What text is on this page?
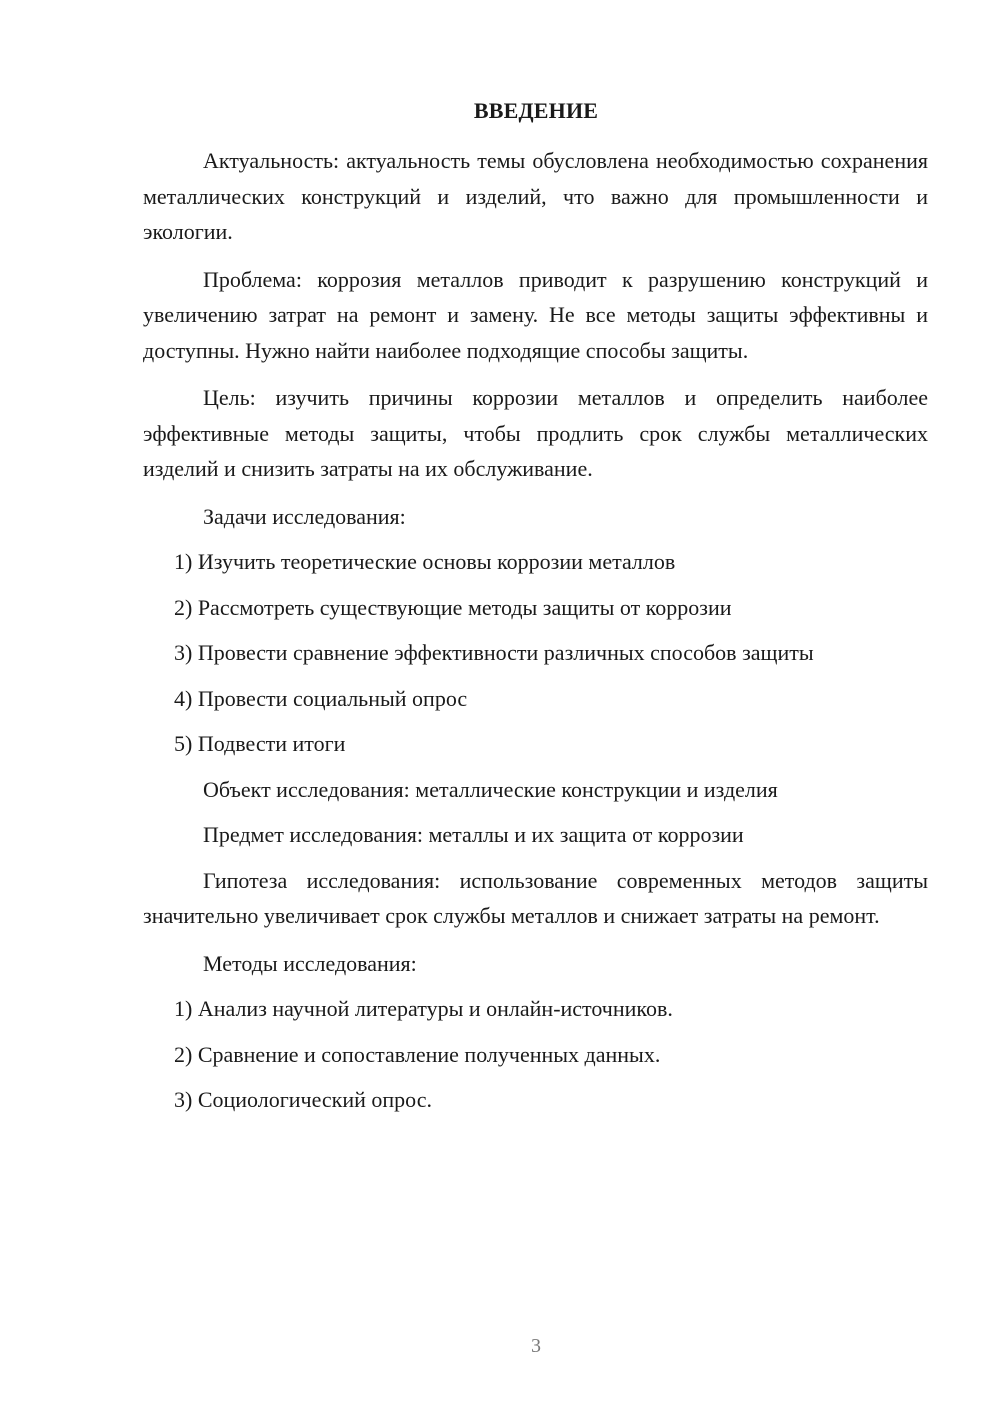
ВВЕДЕНИЕ

Актуальность: актуальность темы обусловлена необходимостью сохранения металлических конструкций и изделий, что важно для промышленности и экологии.

Проблема: коррозия металлов приводит к разрушению конструкций и увеличению затрат на ремонт и замену. Не все методы защиты эффективны и доступны. Нужно найти наиболее подходящие способы защиты.

Цель: изучить причины коррозии металлов и определить наиболее эффективные методы защиты, чтобы продлить срок службы металлических изделий и снизить затраты на их обслуживание.

Задачи исследования:

1) Изучить теоретические основы коррозии металлов

2) Рассмотреть существующие методы защиты от коррозии

3) Провести сравнение эффективности различных способов защиты

4) Провести социальный опрос

5) Подвести итоги

Объект исследования: металлические конструкции и изделия

Предмет исследования: металлы и их защита от коррозии

Гипотеза исследования: использование современных методов защиты значительно увеличивает срок службы металлов и снижает затраты на ремонт.

Методы исследования:

1) Анализ научной литературы и онлайн-источников.

2) Сравнение и сопоставление полученных данных.

3) Социологический опрос.

3
